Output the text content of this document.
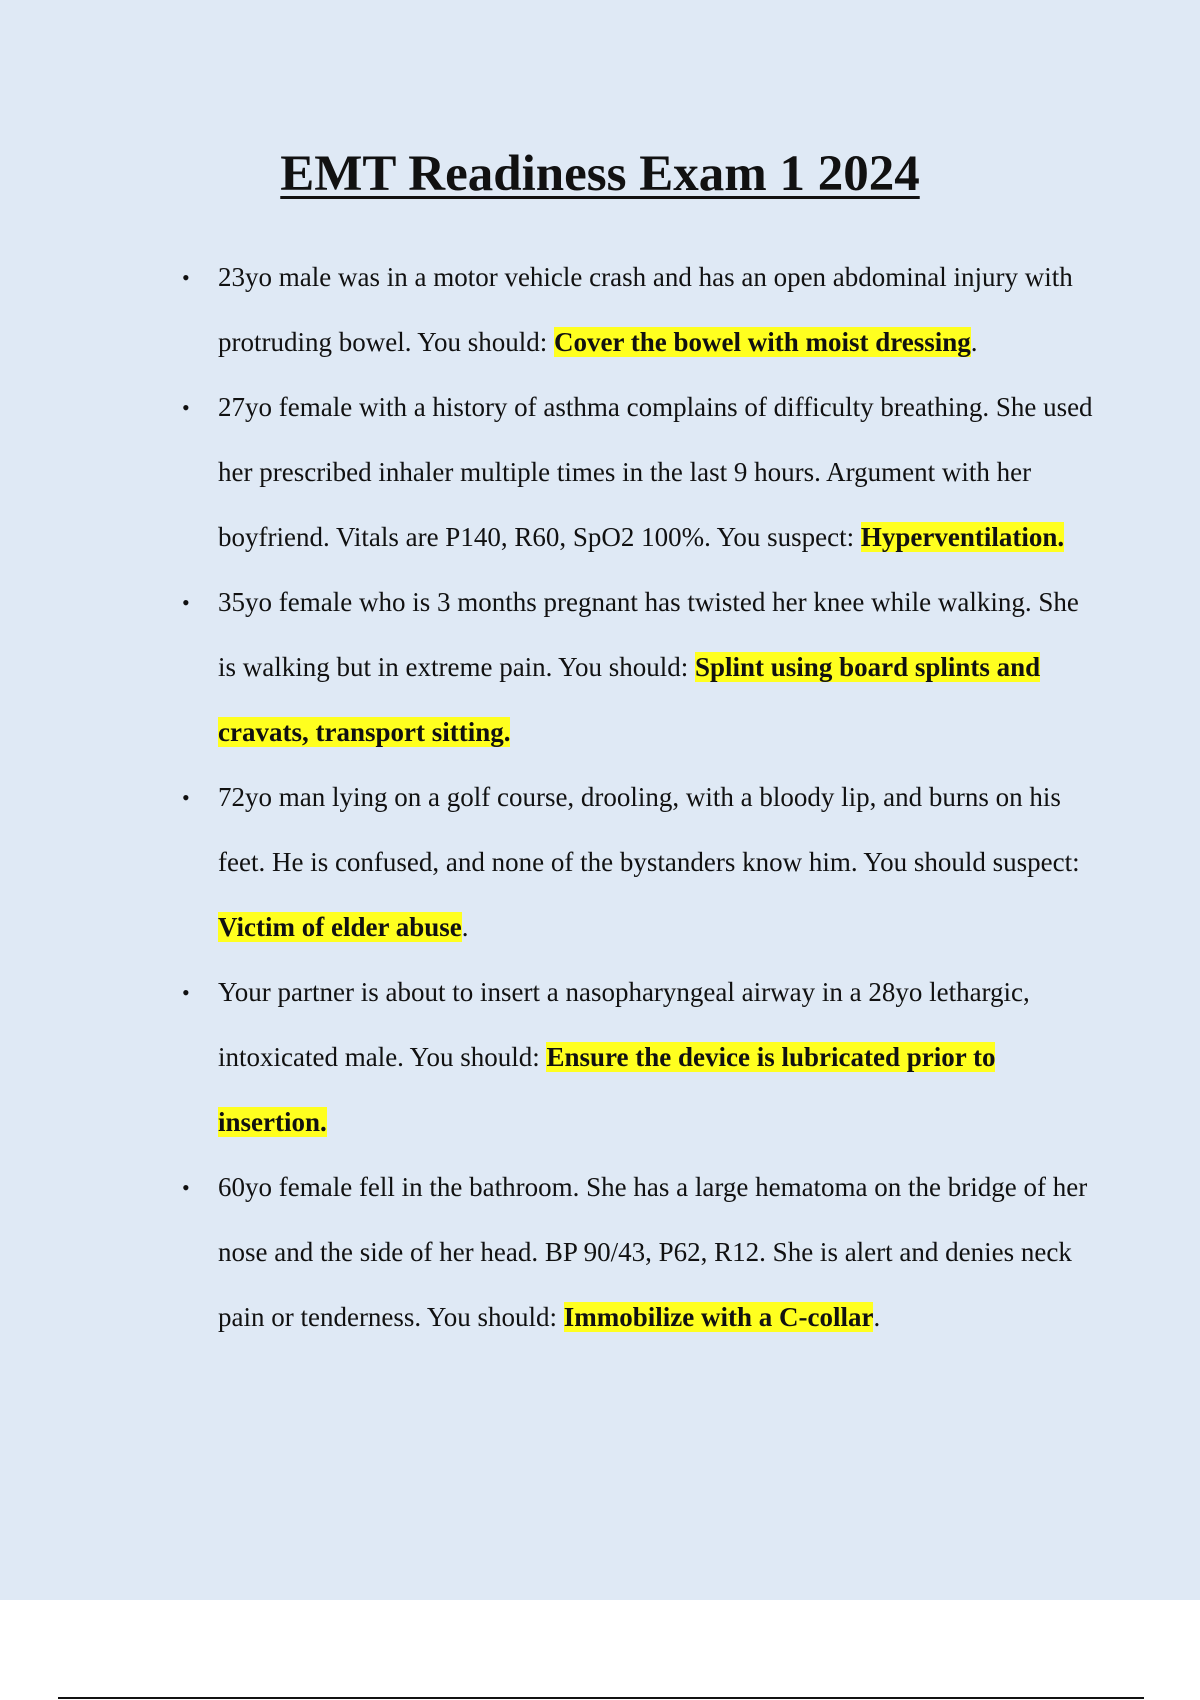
EMT Readiness Exam 1 2024
• 23yo male was in a motor vehicle crash and has an open abdominal injury with protruding bowel. You should: Cover the bowel with moist dressing.
• 27yo female with a history of asthma complains of difficulty breathing. She used her prescribed inhaler multiple times in the last 9 hours. Argument with her boyfriend. Vitals are P140, R60, SpO2 100%. You suspect: Hyperventilation.
• 35yo female who is 3 months pregnant has twisted her knee while walking. She is walking but in extreme pain. You should: Splint using board splints and cravats, transport sitting.
• 72yo man lying on a golf course, drooling, with a bloody lip, and burns on his feet. He is confused, and none of the bystanders know him. You should suspect: Victim of elder abuse.
• Your partner is about to insert a nasopharyngeal airway in a 28yo lethargic, intoxicated male. You should: Ensure the device is lubricated prior to insertion.
• 60yo female fell in the bathroom. She has a large hematoma on the bridge of her nose and the side of her head. BP 90/43, P62, R12. She is alert and denies neck pain or tenderness. You should: Immobilize with a C-collar.
